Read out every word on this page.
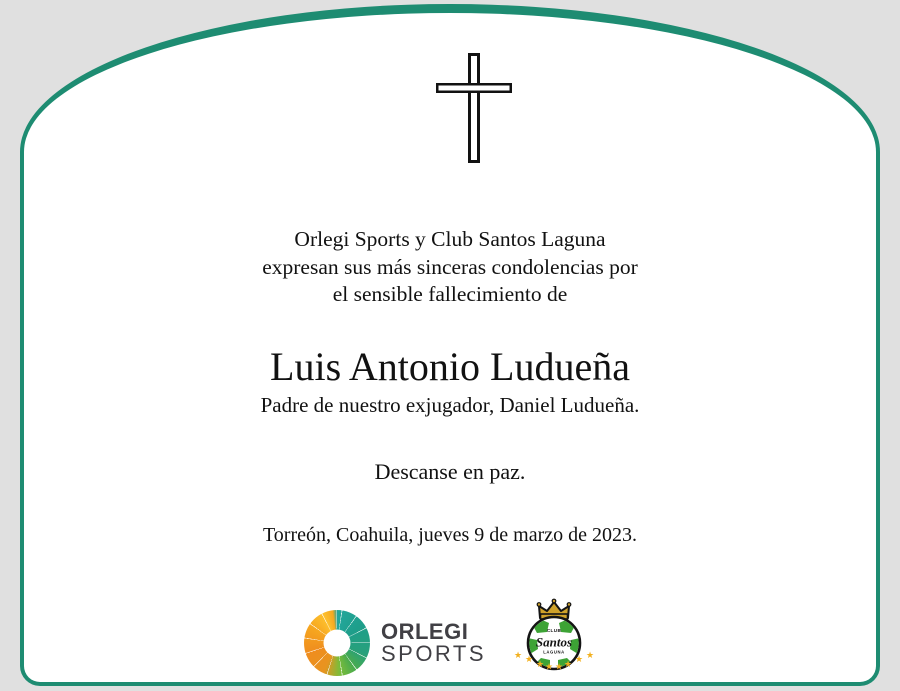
Orlegi Sports y Club Santos Laguna
expresan sus más sinceras condolencias por
el sensible fallecimiento de
Luis Antonio Ludueña
Padre de nuestro exjugador, Daniel Ludueña.
Descanse en paz.
Torreón, Coahuila, jueves 9 de marzo de 2023.
ORLEGI
SPORTS
CLUB
Santos
LAGUNA
★ ★	★ ★
★ ★ ★ ★
